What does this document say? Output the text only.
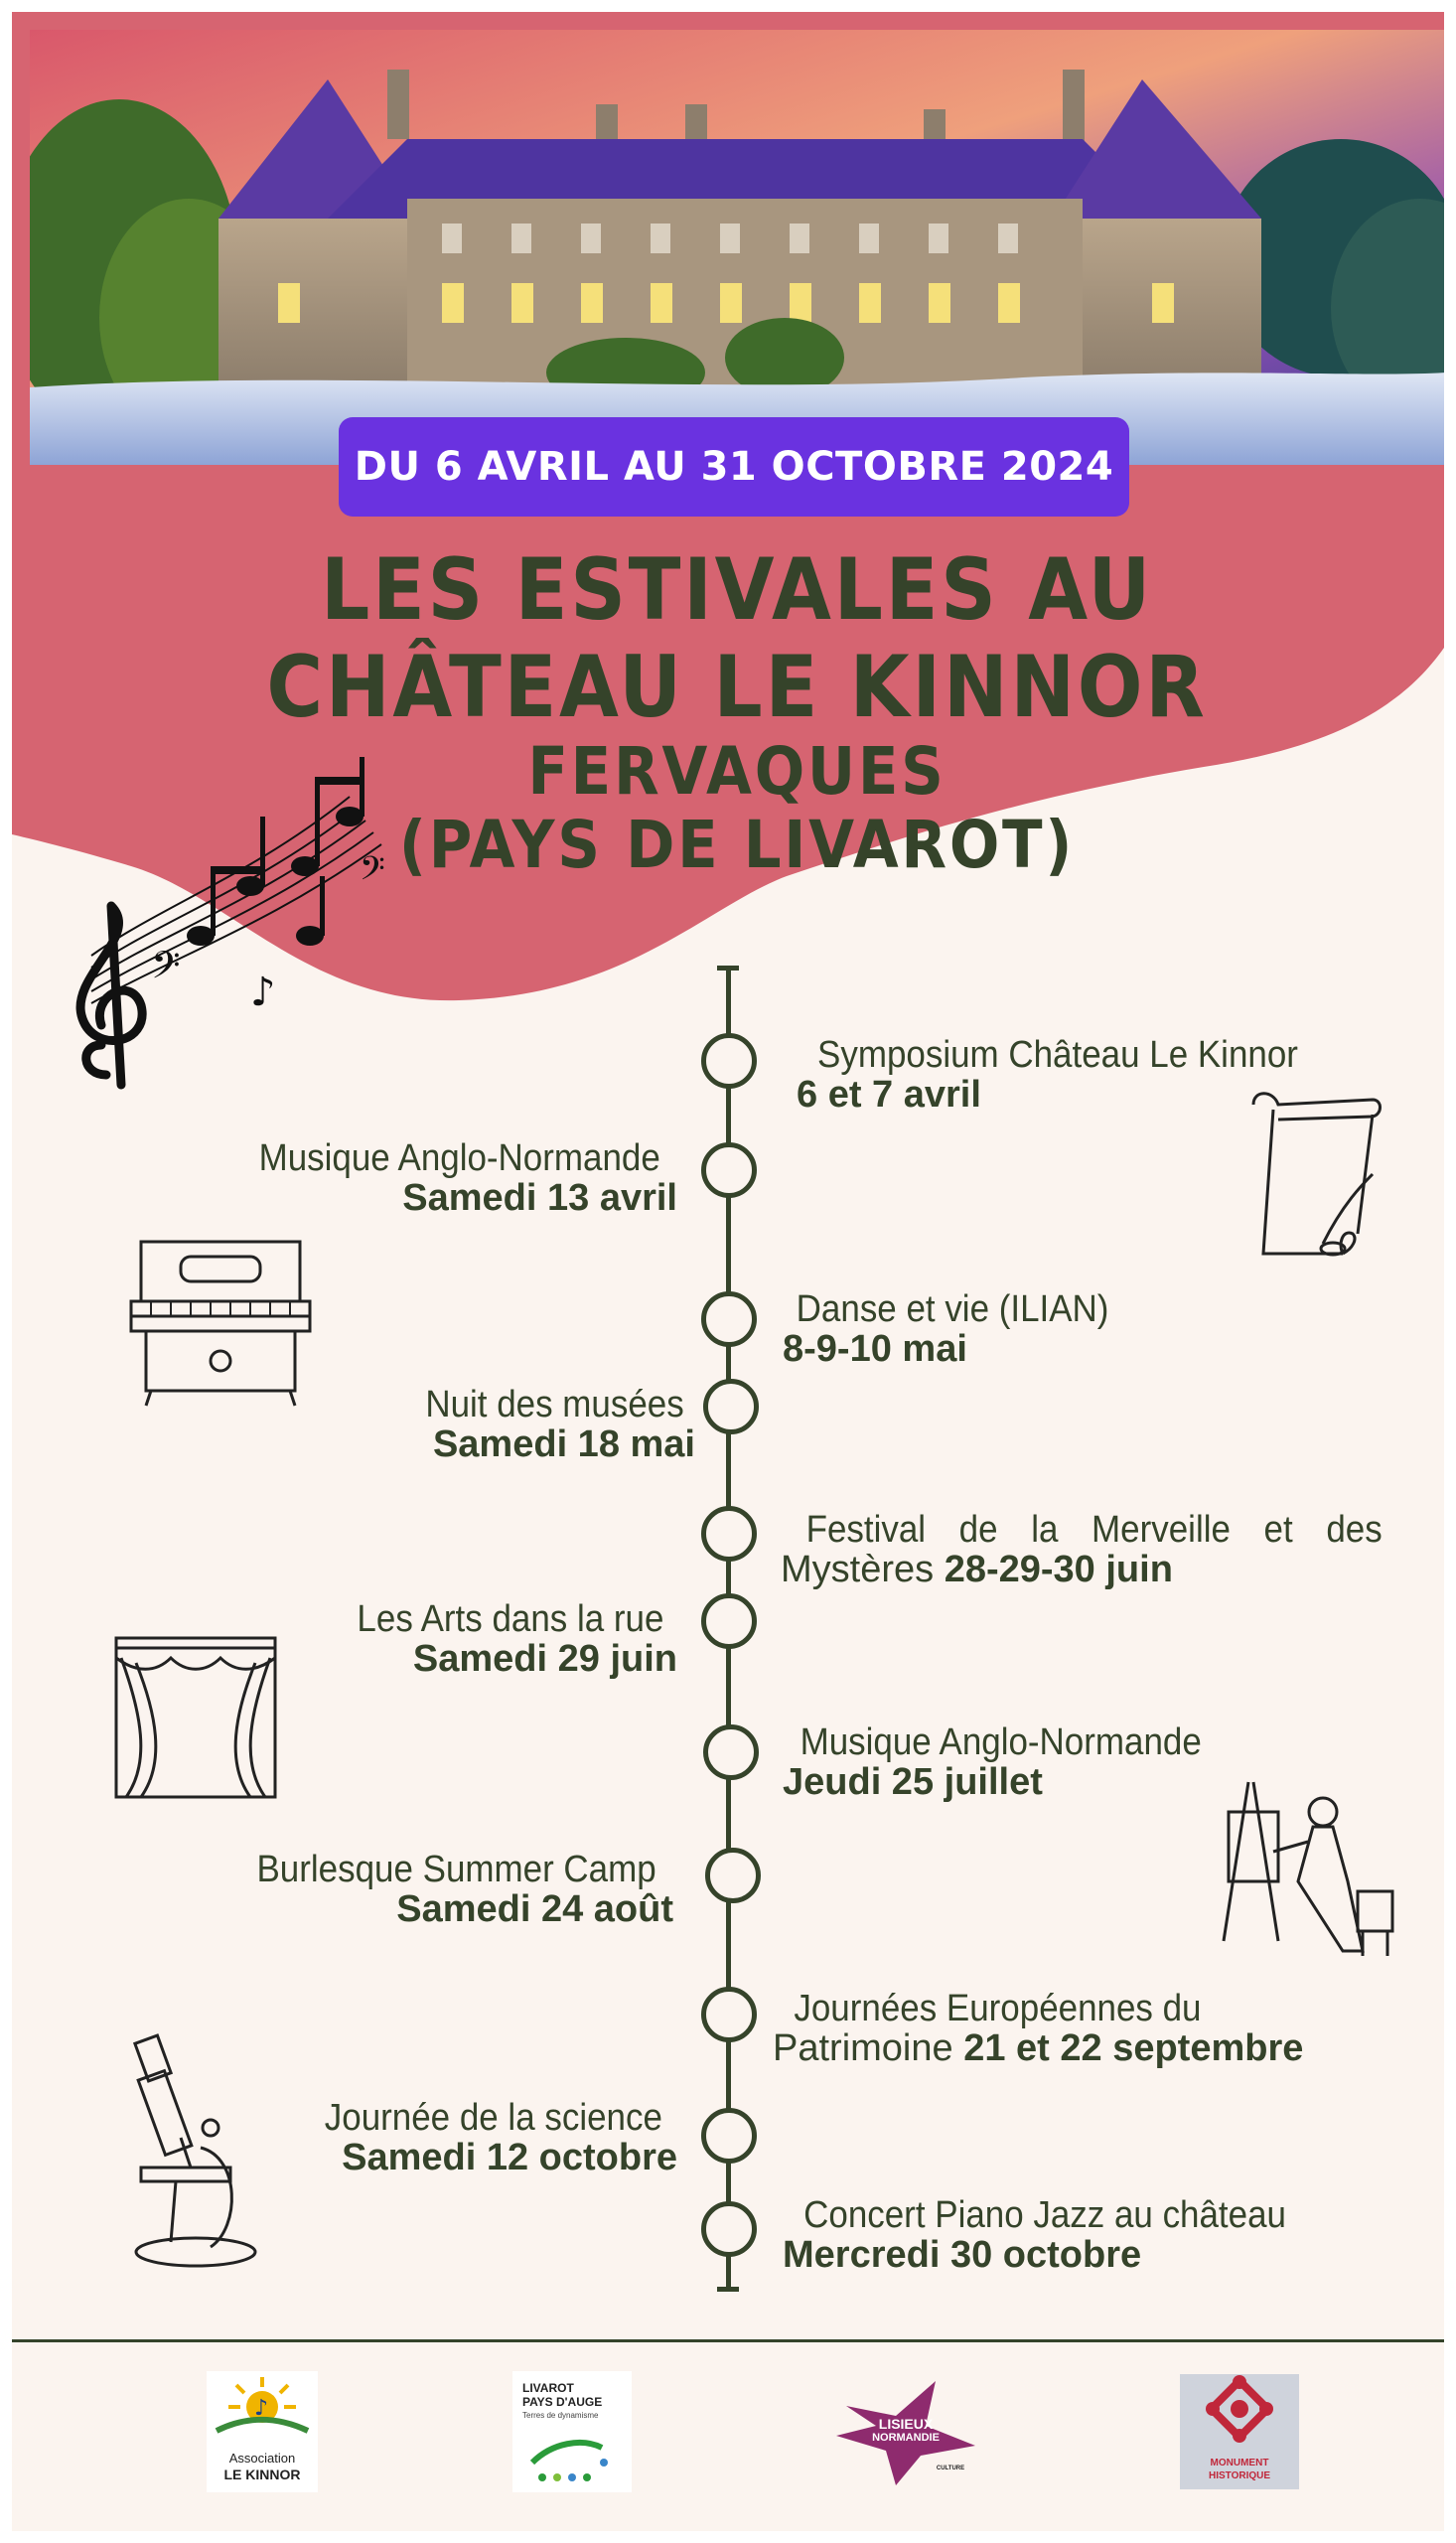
DU 6 AVRIL AU 31 OCTOBRE 2024
LES ESTIVALES AU
CHÂTEAU LE KINNOR
FERVAQUES
(PAYS DE LIVAROT)
𝄢 ♪
𝄢
Symposium Château Le Kinnor
6 et 7 avril
Musique Anglo-Normande
Samedi 13 avril
Danse et vie (ILIAN)
8-9-10 mai
Nuit des musées
Samedi 18 mai
Festival de la Merveille et des
Mystères 28-29-30 juin
Les Arts dans la rue
Samedi 29 juin
Musique Anglo-Normande
Jeudi 25 juillet
Burlesque Summer Camp
Samedi 24 août
Journées Européennes du
Patrimoine 21 et 22 septembre
Journée de la science
Samedi 12 octobre
Concert Piano Jazz au château
Mercredi 30 octobre
♪
Association
LE KINNOR
LIVAROT
PAYS D'AUGE
Terres de dynamisme
LISIEUX
NORMANDIE
CULTURE	MONUMENT
HISTORIQUE
